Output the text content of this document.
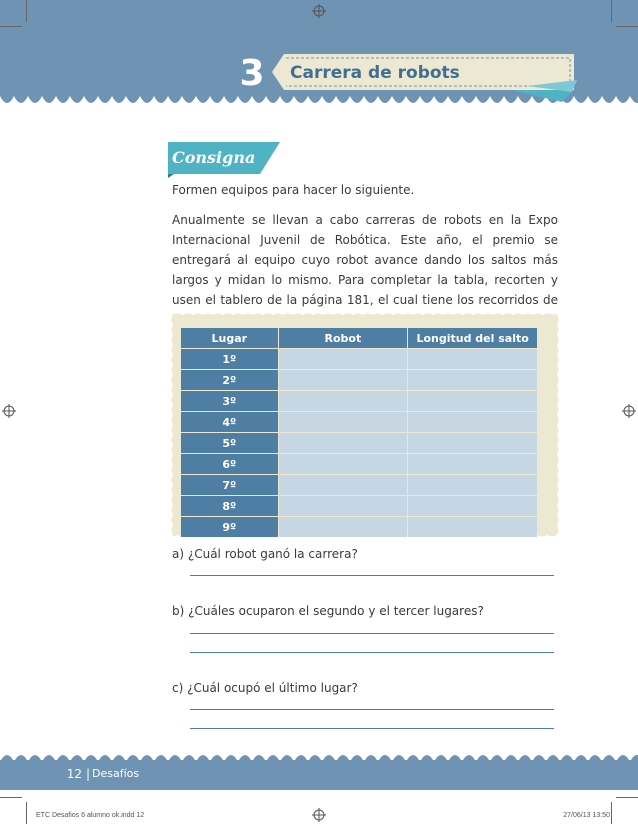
3 Carrera de robots
Consigna
Formen equipos para hacer lo siguiente.
Anualmente se llevan a cabo carreras de robots en la Expo Internacional Juvenil de Robótica. Este año, el premio se entregará al equipo cuyo robot avance dando los saltos más largos y midan lo mismo. Para completar la tabla, recorten y usen el tablero de la página 181, el cual tiene los recorridos de
Lugar	Robot	Longitud del salto
1º		
2º		
3º		
4º		
5º		
6º		
7º		
8º		
9º		
a) ¿Cuál robot ganó la carrera?
b) ¿Cuáles ocuparon el segundo y el tercer lugares?
c) ¿Cuál ocupó el último lugar?
12 | Desafíos
ETC Desafios 6 alumno ok.indd 12	27/06/13 13:50
